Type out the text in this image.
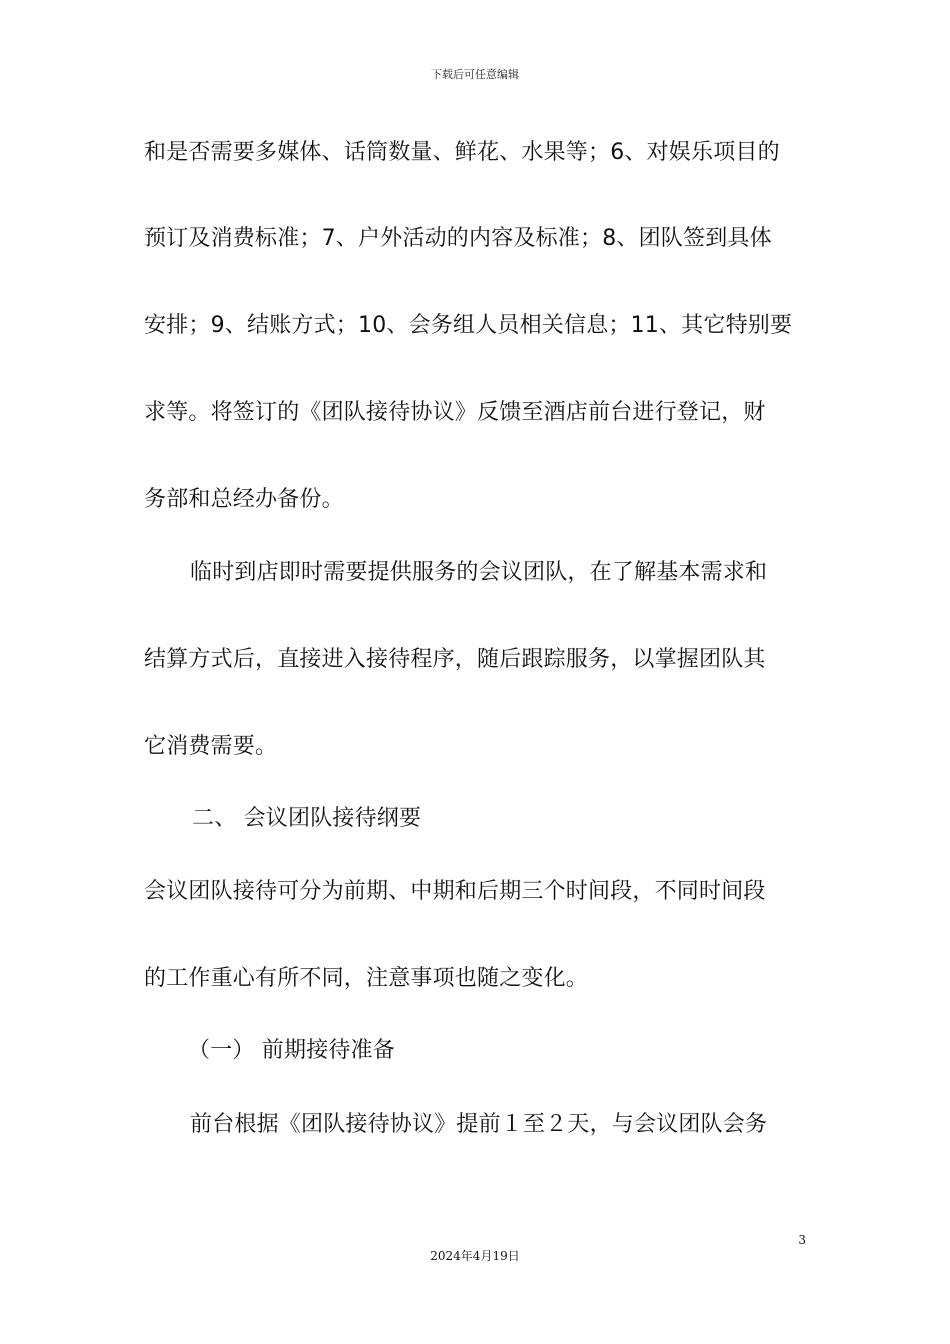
下载后可任意编辑
和是否需要多媒体、话筒数量、鲜花、水果等；6、对娱乐项目的
预订及消费标准；7、户外活动的内容及标准；8、团队签到具体
安排；9、结账方式；10、会务组人员相关信息；11、其它特别要
求等。将签订的《团队接待协议》反馈至酒店前台进行登记，财
务部和总经办备份。
临时到店即时需要提供服务的会议团队，在了解基本需求和
结算方式后，直接进入接待程序，随后跟踪服务，以掌握团队其
它消费需要。
二、 会议团队接待纲要
会议团队接待可分为前期、中期和后期三个时间段，不同时间段
的工作重心有所不同，注意事项也随之变化。
（一） 前期接待准备
前台根据《团队接待协议》提前１至２天，与会议团队会务
3
2024年4月19日
